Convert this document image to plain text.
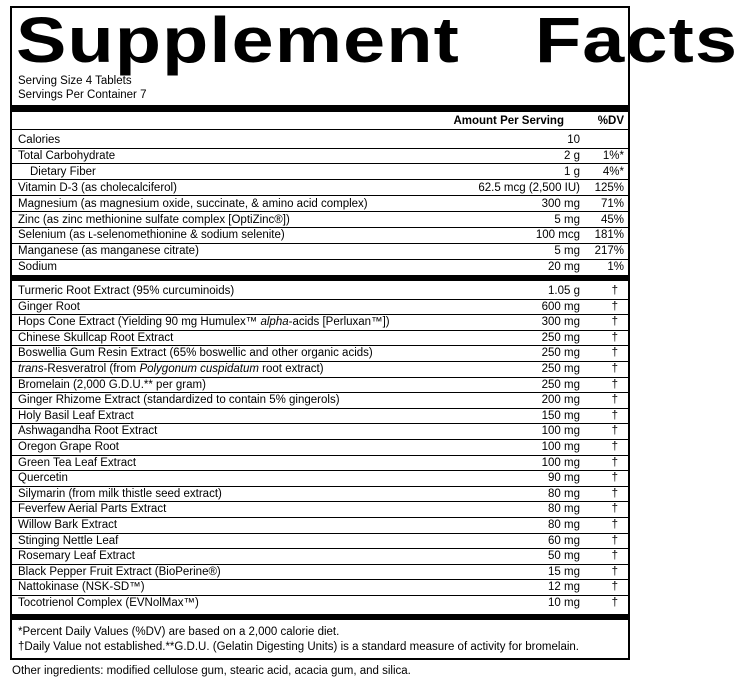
Supplement Facts
Serving Size 4 Tablets
Servings Per Container 7
Amount Per Serving	%DV
Calories	10
Total Carbohydrate	2 g 1%*
Dietary Fiber	1 g 4%*
Vitamin D-3 (as cholecalciferol)	62.5 mcg (2,500 IU) 125%
Magnesium (as magnesium oxide, succinate, & amino acid complex)	300 mg 71%
Zinc (as zinc methionine sulfate complex [OptiZinc®])	5 mg 45%
Selenium (as ʟ-selenomethionine & sodium selenite)	100 mcg 181%
Manganese (as manganese citrate)	5 mg 217%
Sodium	20 mg 1%
Turmeric Root Extract (95% curcuminoids)	1.05 g	†
Ginger Root	600 mg	†
Hops Cone Extract (Yielding 90 mg Humulex™ alpha-acids [Perluxan™])	300 mg	†
Chinese Skullcap Root Extract	250 mg	†
Boswellia Gum Resin Extract (65% boswellic and other organic acids)	250 mg	†
trans-Resveratrol (from Polygonum cuspidatum root extract)	250 mg	†
Bromelain (2,000 G.D.U.** per gram)	250 mg	†
Ginger Rhizome Extract (standardized to contain 5% gingerols)	200 mg	†
Holy Basil Leaf Extract	150 mg	†
Ashwagandha Root Extract	100 mg	†
Oregon Grape Root	100 mg	†
Green Tea Leaf Extract	100 mg	†
Quercetin	90 mg	†
Silymarin (from milk thistle seed extract)	80 mg	†
Feverfew Aerial Parts Extract	80 mg	†
Willow Bark Extract	80 mg	†
Stinging Nettle Leaf	60 mg	†
Rosemary Leaf Extract	50 mg	†
Black Pepper Fruit Extract (BioPerine®)	15 mg	†
Nattokinase (NSK-SD™)	12 mg	†
Tocotrienol Complex (EVNolMax™)	10 mg	†
*Percent Daily Values (%DV) are based on a 2,000 calorie diet.
†Daily Value not established.**G.D.U. (Gelatin Digesting Units) is a standard measure of activity for bromelain.
Other ingredients: modified cellulose gum, stearic acid, acacia gum, and silica.
